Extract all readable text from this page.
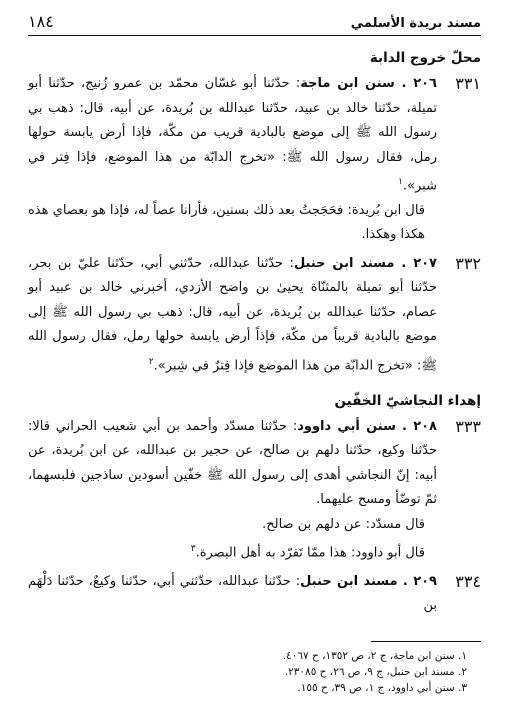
مسند بريدة الأسلمي
١٨٤
محلّ خروج الدابة
٣٣١

٢٠٦ . سنن ابن ماجة: حدّثنا أبو غسّان محمّد بن عمرو زُنيج، حدّثنا أبو تميلة، حدّثنا خالد بن عبيد، حدّثنا عبدالله بن بُريدة، عن أبيه، قال: ذهب بي رسول الله ﷺ إلى موضع بالبادية قريب من مكّة، فإذا أرض يابسة حولها رمل، فقال رسول الله ﷺ: «تخرج الدابّة من هذا الموضع، فإذا فِتر في شبر».$^١$

قال ابن بُريدة: فحَجَجتُ بعد ذلك بسنين، فأرانا عصاً له، فإذا هو بعصاي هذه هكذا وهكذا.

٣٣٢

٢٠٧ . مسند ابن حنبل: حدّثنا عبدالله، حدّثني أبي، حدّثنا عليّ بن بحر، حدّثنا أبو تميلة بالمثنّاة يحيىٰ بن واضح الأزدي، أخبرني خالد بن عبيد أبو عصام، حدّثنا عبدالله بن بُريدة، عن أبيه، قال: ذهب بي رسول الله ﷺ إلى موضع بالبادية قريباً من مكّة، فإذاً أرض يابسة حولها رمل، فقال رسول الله ﷺ: «تخرج الدابّة من هذا الموضع فإذا فِترٌ في شِبر».$^٢$

إهداء النجاشيّ الخفّين
٣٣٣

٢٠٨ . سنن أبي داوود: حدّثنا مسدّد وأحمد بن أبي شعيب الحراني قالا: حدّثنا وكيع، حدّثنا دلهم بن صالح، عن حجير بن عبدالله، عن ابن بُريدة، عن أبيه: إنّ النجاشي أهدى إلى رسول الله ﷺ خفّين أسودين ساذجين فلبسهما، ثمّ توضّأ ومسح عليهما.

قال مسدّد: عن دلهم بن صالح.

قال أبو داوود: هذا ممّا تَفرّد به أهل البصرة.$^٣$

٣٣٤

٢٠٩ . مسند ابن حنبل: حدّثنا عبدالله، حدّثني أبي، حدّثنا وكيعٌ، حدّثنا دَلْهَم بن

١. سنن ابن ماجة، ج ٢، ص ١٣٥٢، ح ٤٠٦٧.
٢. مسند ابن حنبل، ج ٩، ص ٢٦، ح ٢٣٠٨٥.
٣. سنن أبي داوود، ج ١، ص ٣٩، ح ١٥٥.
